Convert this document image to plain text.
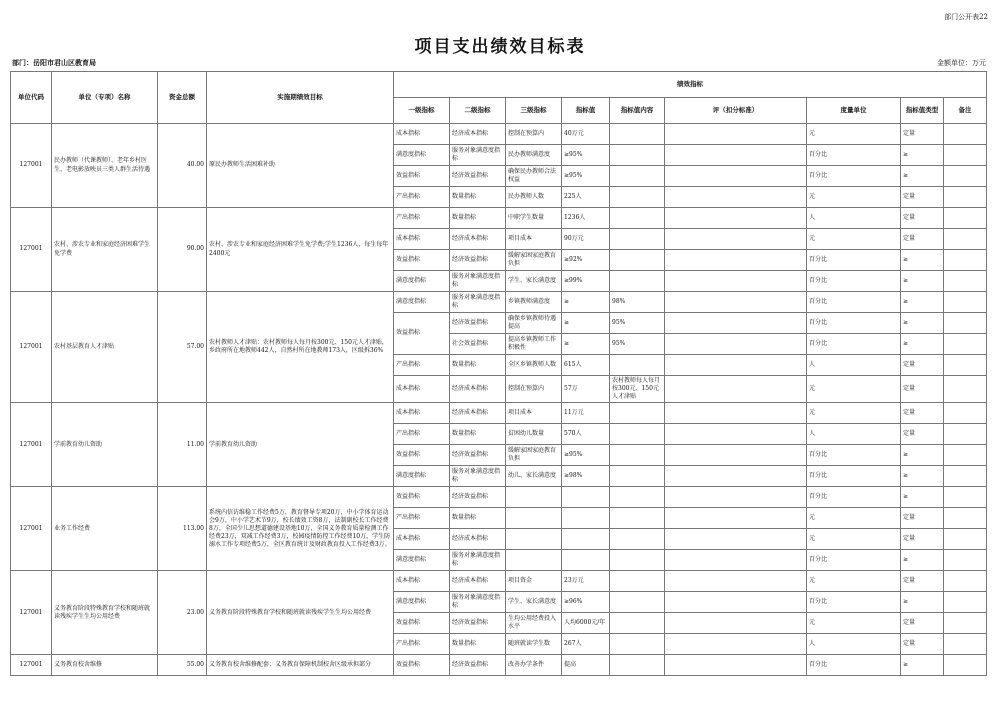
部门公开表22
项目支出绩效目标表
部门：岳阳市君山区教育局	金额单位：万元
单位代码	单位（专项）名称	资金总额	实施期绩效目标	绩效指标								
				一级指标	二级指标	三级指标	指标值	指标值内容	评（扣分标准）	度量单位	指标值类型	备注
127001	民办教师（代课教师）、老年乡村医生、老电影放映员三类人群生活待遇	40.00	原民办教师生活困难补助	成本指标	经济成本指标	控制在预算内	40万元			元	定量	
				满意度指标	服务对象满意度指标	民办教师满意度	≥95%			百分比	≥	
				效益指标	经济效益指标	确保民办教师合法权益	≥95%			百分比	≥	
				产出指标	数量指标	民办教师人数	225人			元	定量	
127001	农村、涉农专业和家庭经济困难学生免学费	90.00	农村、涉农专业和家庭经济困难学生免学费;学生1236人，每生每年2400元	产出指标	数量指标	中职学生数量	1236人			人	定量	
				成本指标	经济成本指标	项目成本	90万元			元	定量	
				效益指标	经济效益指标	缓解家困家庭教育负担	≥92%			百分比	≥	
				满意度指标	服务对象满意度指标	学生、家长满意度	≥99%			百分比	≥	
127001	农村基层教育人才津贴	57.00	农村教师人才津贴：农村教师每人每月按300元、150元人才津贴，乡政府所在地教师442人，自然村所在地教师173人，区级拆36%	满意度指标	服务对象满意度指标	乡镇教师满意度	≥	98%		百分比	≥	
				效益指标	经济效益指标	确保乡镇教师待遇提高	≥	95%		百分比	≥	
					社会效益指标	提高乡镇教师工作积极性	≥	95%		百分比	≥	
				产出指标	数量指标	全区乡镇教师人数	615人			人	定量	
				成本指标	经济成本指标	控制在预算内	57万	农村教师每人每月按300元、150元人才津贴		元	定量	
127001	学前教育幼儿资助	11.00	学前教育幼儿资助	成本指标	经济成本指标	项目成本	11万元			元	定量	
				产出指标	数量指标	贫困幼儿数量	570人			人	定量	
				效益指标	经济效益指标	缓解家困家庭教育负担	≥95%			百分比	≥	
				满意度指标	服务对象满意度指标	幼儿、家长满意度	≥98%			百分比	≥	
127001	业务工作经费	113.00	系统内信访维稳工作经费5万，教育督导专项20万，中小学体育运动会9万，中小学艺术节9万，校长绩效工资8万，法制副校长工作经费8万，全国少儿思想道德建设基地10万，全国义务教育质量检测工作经费23万，双减工作经费3万，校园疫情防控工作经费10万，学生防溺水工作专项经费5万，全区教育统计及财政教育投入工作经费3万。	效益指标	经济效益指标					百分比	≥	
				产出指标	数量指标					元	定量	
				成本指标	经济成本指标					元	定量	
				满意度指标	服务对象满意度指标					百分比	≥	
127001	义务教育阶段特殊教育学校和随班就读残疾学生生均公用经费	23.00	义务教育阶段特殊教育学校和随班就读残疾学生生均公用经费	成本指标	经济成本指标	项目资金	23万元			元	定量	
				满意度指标	服务对象满意度指标	学生、家长满意度	≥96%			百分比	≥	
				效益指标	经济效益指标	生均公用经费投入水平	人均6000元/年			元	定量	
				产出指标	数量指标	随班就读学生数	267人			人	定量	
127001	义务教育校舍维修	55.00	义务教育校舍维修配套；义务教育保障机制校舍区级承担部分	效益指标	经济效益指标	改善办学条件	提高			百分比	≥	
